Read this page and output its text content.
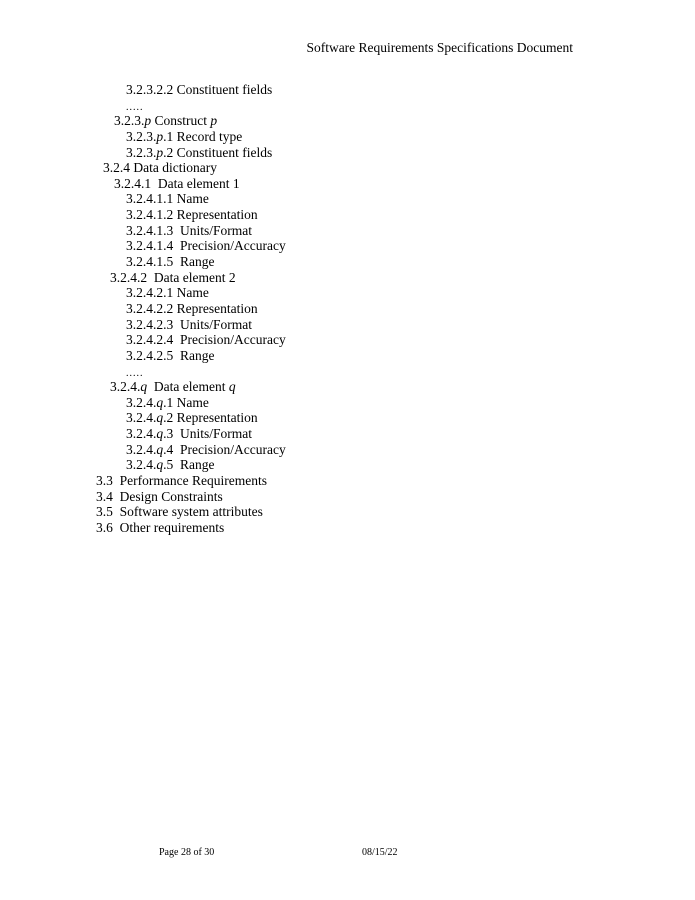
Software Requirements Specifications Document
3.2.3.2.2 Constituent fields
.....
3.2.3.p Construct p
3.2.3.p.1 Record type
3.2.3.p.2 Constituent fields
3.2.4 Data dictionary
3.2.4.1 Data element 1
3.2.4.1.1 Name
3.2.4.1.2 Representation
3.2.4.1.3 Units/Format
3.2.4.1.4 Precision/Accuracy
3.2.4.1.5 Range
3.2.4.2 Data element 2
3.2.4.2.1 Name
3.2.4.2.2 Representation
3.2.4.2.3 Units/Format
3.2.4.2.4 Precision/Accuracy
3.2.4.2.5 Range
.....
3.2.4.q Data element q
3.2.4.q.1 Name
3.2.4.q.2 Representation
3.2.4.q.3 Units/Format
3.2.4.q.4 Precision/Accuracy
3.2.4.q.5 Range
3.3 Performance Requirements
3.4 Design Constraints
3.5 Software system attributes
3.6 Other requirements
Page 28 of 30	08/15/22
